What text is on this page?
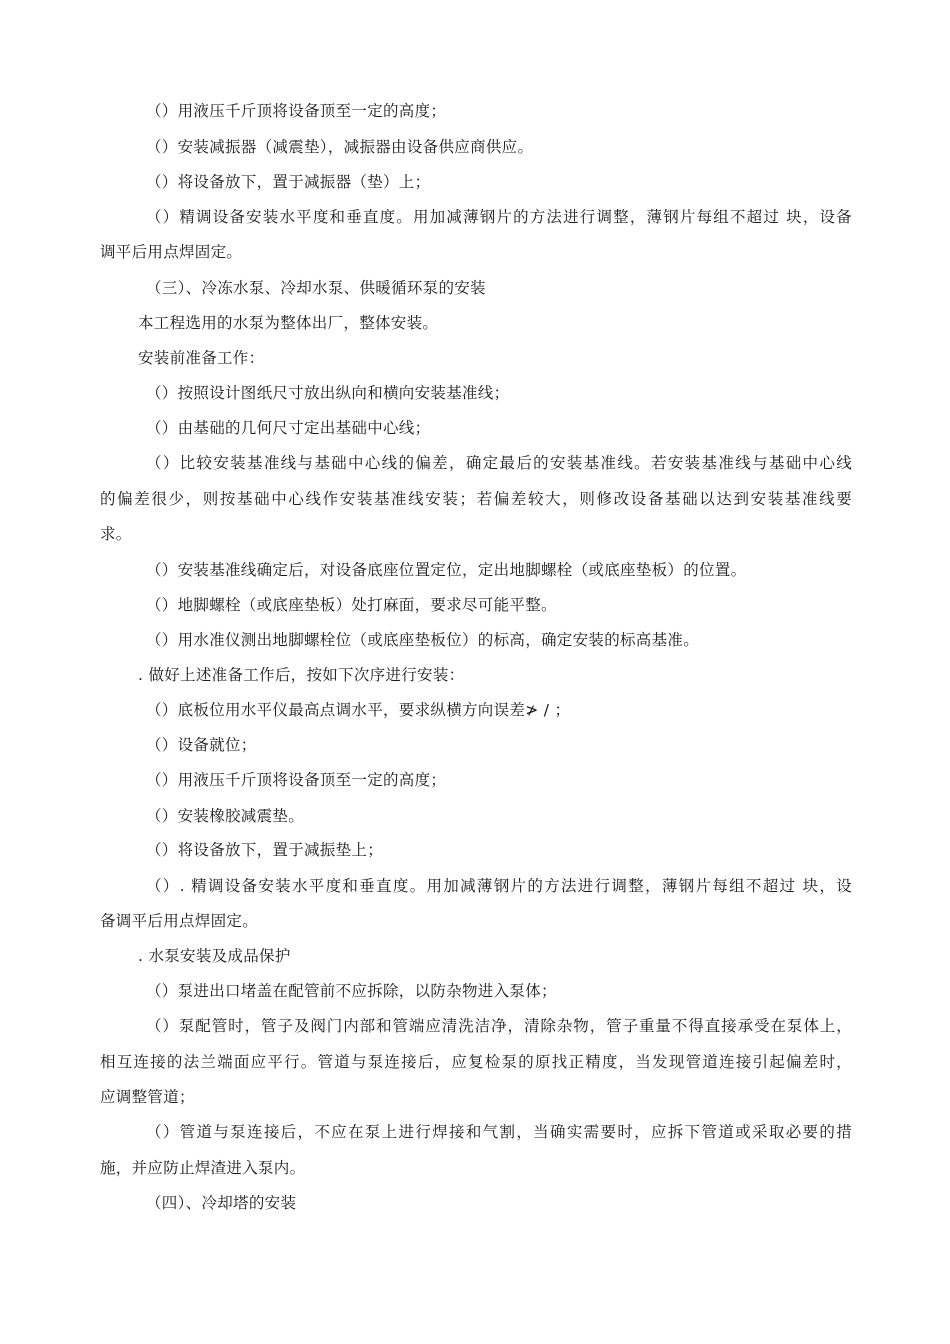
（）用液压千斤顶将设备顶至一定的高度；
（）安装减振器（减震垫），减振器由设备供应商供应。
（）将设备放下，置于减振器（垫）上；
（）精调设备安装水平度和垂直度。用加减薄钢片的方法进行调整，薄钢片每组不超过 块，设备
调平后用点焊固定。
（三）、冷冻水泵、冷却水泵、供暖循环泵的安装
本工程选用的水泵为整体出厂，整体安装。
安装前准备工作：
（）按照设计图纸尺寸放出纵向和横向安装基准线；
（）由基础的几何尺寸定出基础中心线；
（）比较安装基准线与基础中心线的偏差，确定最后的安装基准线。若安装基准线与基础中心线
的偏差很少，则按基础中心线作安装基准线安装；若偏差较大，则修改设备基础以达到安装基准线要
求。
（）安装基准线确定后，对设备底座位置定位，定出地脚螺栓（或底座垫板）的位置。
（）地脚螺栓（或底座垫板）处打麻面，要求尽可能平整。
（）用水准仪测出地脚螺栓位（或底座垫板位）的标高，确定安装的标高基准。
. 做好上述准备工作后，按如下次序进行安装：
（）底板位用水平仪最高点调水平，要求纵横方向误差≯ / ；
（）设备就位；
（）用液压千斤顶将设备顶至一定的高度；
（）安装橡胶减震垫。
（）将设备放下，置于减振垫上；
（）. 精调设备安装水平度和垂直度。用加减薄钢片的方法进行调整，薄钢片每组不超过 块，设
备调平后用点焊固定。
. 水泵安装及成品保护
（）泵进出口堵盖在配管前不应拆除，以防杂物进入泵体；
（）泵配管时，管子及阀门内部和管端应清洗洁净，清除杂物，管子重量不得直接承受在泵体上，
相互连接的法兰端面应平行。管道与泵连接后，应复检泵的原找正精度，当发现管道连接引起偏差时，
应调整管道；
（）管道与泵连接后，不应在泵上进行焊接和气割，当确实需要时，应拆下管道或采取必要的措
施，并应防止焊渣进入泵内。
（四）、冷却塔的安装
